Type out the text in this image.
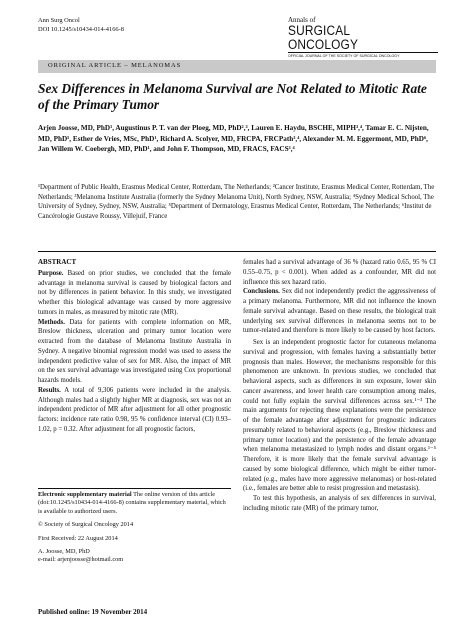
Ann Surg Oncol
DOI 10.1245/s10434-014-4166-8
Annals of
SURGICAL ONCOLOGY
OFFICIAL JOURNAL OF THE SOCIETY OF SURGICAL ONCOLOGY
ORIGINAL ARTICLE – MELANOMAS
Sex Differences in Melanoma Survival are Not Related to Mitotic Rate of the Primary Tumor
Arjen Joosse, MD, PhD¹, Augustinus P. T. van der Ploeg, MD, PhD²,³, Lauren E. Haydu, BSCHE, MIPH³,⁴, Tamar E. C. Nijsten, MD, PhD⁵, Esther de Vries, MSc, PhD¹, Richard A. Scolyer, MD, FRCPA, FRCPath³,⁴, Alexander M. M. Eggermont, MD, PhD⁶, Jan Willem W. Coebergh, MD, PhD¹, and John F. Thompson, MD, FRACS, FACS³,⁴
¹Department of Public Health, Erasmus Medical Center, Rotterdam, The Netherlands; ²Cancer Institute, Erasmus Medical Center, Rotterdam, The Netherlands; ³Melanoma Institute Australia (formerly the Sydney Melanoma Unit), North Sydney, NSW, Australia; ⁴Sydney Medical School, The University of Sydney, Sydney, NSW, Australia; ⁵Department of Dermatology, Erasmus Medical Center, Rotterdam, The Netherlands; ⁶Institut de Cancérologie Gustave Roussy, Villejuif, France
ABSTRACT

Purpose. Based on prior studies, we concluded that the female advantage in melanoma survival is caused by biological factors and not by differences in patient behavior. In this study, we investigated whether this biological advantage was caused by more aggressive tumors in males, as measured by mitotic rate (MR).

Methods. Data for patients with complete information on MR, Breslow thickness, ulceration and primary tumor location were extracted from the database of Melanoma Institute Australia in Sydney. A negative binomial regression model was used to assess the independent predictive value of sex for MR. Also, the impact of MR on the sex survival advantage was investigated using Cox proportional hazards models.

Results. A total of 9,306 patients were included in the analysis. Although males had a slightly higher MR at diagnosis, sex was not an independent predictor of MR after adjustment for all other prognostic factors: incidence rate ratio 0.98, 95 % confidence interval (CI) 0.93–1.02, p = 0.32. After adjustment for all prognostic factors,

females had a survival advantage of 36 % (hazard ratio 0.65, 95 % CI 0.55–0.75, p < 0.001). When added as a confounder, MR did not influence this sex hazard ratio.

Conclusions. Sex did not independently predict the aggressiveness of a primary melanoma. Furthermore, MR did not influence the known female survival advantage. Based on these results, the biological trait underlying sex survival differences in melanoma seems not to be tumor-related and therefore is more likely to be caused by host factors.

Sex is an independent prognostic factor for cutaneous melanoma survival and progression, with females having a substantially better prognosis than males. However, the mechanisms responsible for this phenomenon are unknown. In previous studies, we concluded that behavioral aspects, such as differences in sun exposure, lower skin cancer awareness, and lower health care consumption among males, could not fully explain the survival differences across sex.¹⁻³ The main arguments for rejecting these explanations were the persistence of the female advantage after adjustment for prognostic indicators presumably related to behavioral aspects (e.g., Breslow thickness and primary tumor location) and the persistence of the female advantage when melanoma metastasized to lymph nodes and distant organs.¹⁻⁵ Therefore, it is more likely that the female survival advantage is caused by some biological difference, which might be either tumor-related (e.g., males have more aggressive melanomas) or host-related (i.e., females are better able to resist progression and metastasis).

To test this hypothesis, an analysis of sex differences in survival, including mitotic rate (MR) of the primary tumor,

Electronic supplementary material The online version of this article (doi:10.1245/s10434-014-4166-8) contains supplementary material, which is available to authorized users.

© Society of Surgical Oncology 2014

First Received: 22 August 2014

A. Joosse, MD, PhD

e-mail: arjenjoosse@hotmail.com

Published online: 19 November 2014
